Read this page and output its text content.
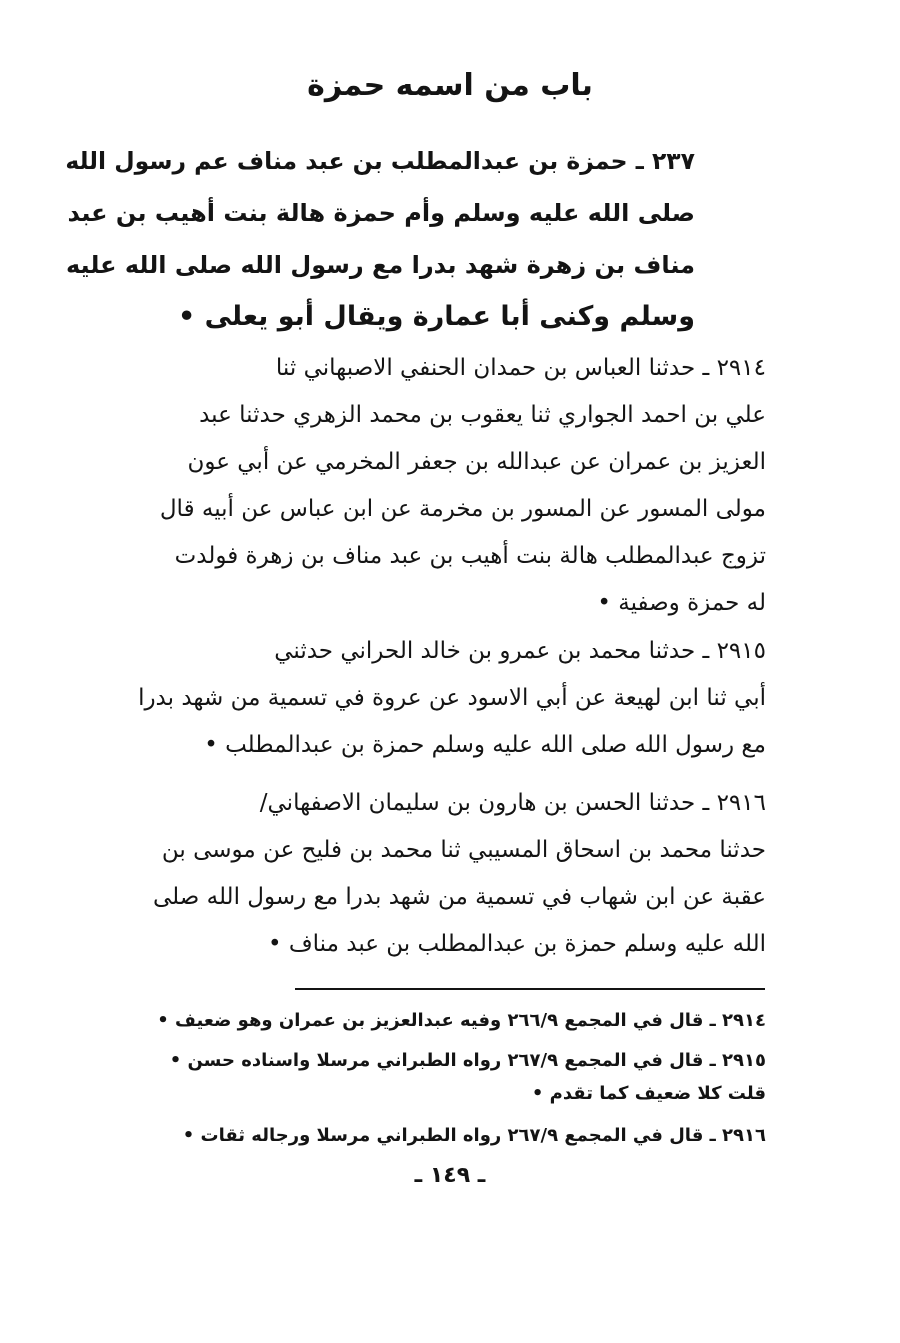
باب من اسمه حمزة
٢٣٧ ـ حمزة بن عبدالمطلب بن عبد مناف عم رسول الله
صلى الله عليه وسلم وأم حمزة هالة بنت أهيب بن عبد
مناف بن زهرة شهد بدرا مع رسول الله صلى الله عليه
وسلم وكنى أبا عمارة ويقال أبو يعلى •
٢٩١٤ ـ حدثنا العباس بن حمدان الحنفي الاصبهاني ثنا
علي بن احمد الجواري ثنا يعقوب بن محمد الزهري حدثنا عبد
العزيز بن عمران عن عبدالله بن جعفر المخرمي عن أبي عون
مولى المسور عن المسور بن مخرمة عن ابن عباس عن أبيه قال
تزوج عبدالمطلب هالة بنت أهيب بن عبد مناف بن زهرة فولدت
له حمزة وصفية •
٢٩١٥ ـ حدثنا محمد بن عمرو بن خالد الحراني حدثني
أبي ثنا ابن لهيعة عن أبي الاسود عن عروة في تسمية من شهد بدرا
مع رسول الله صلى الله عليه وسلم حمزة بن عبدالمطلب •
٢٩١٦ ـ حدثنا الحسن بن هارون بن سليمان الاصفهاني/
حدثنا محمد بن اسحاق المسيبي ثنا محمد بن فليح عن موسى بن
عقبة عن ابن شهاب في تسمية من شهد بدرا مع رسول الله صلى
الله عليه وسلم حمزة بن عبدالمطلب بن عبد مناف •
٢٩١٤ ـ قال في المجمع ٢٦٦/٩ وفيه عبدالعزيز بن عمران وهو ضعيف •
٢٩١٥ ـ قال في المجمع ٢٦٧/٩ رواه الطبراني مرسلا واسناده حسن •
قلت كلا ضعيف كما تقدم •
٢٩١٦ ـ قال في المجمع ٢٦٧/٩ رواه الطبراني مرسلا ورجاله ثقات •
ـ ١٤٩ ـ
